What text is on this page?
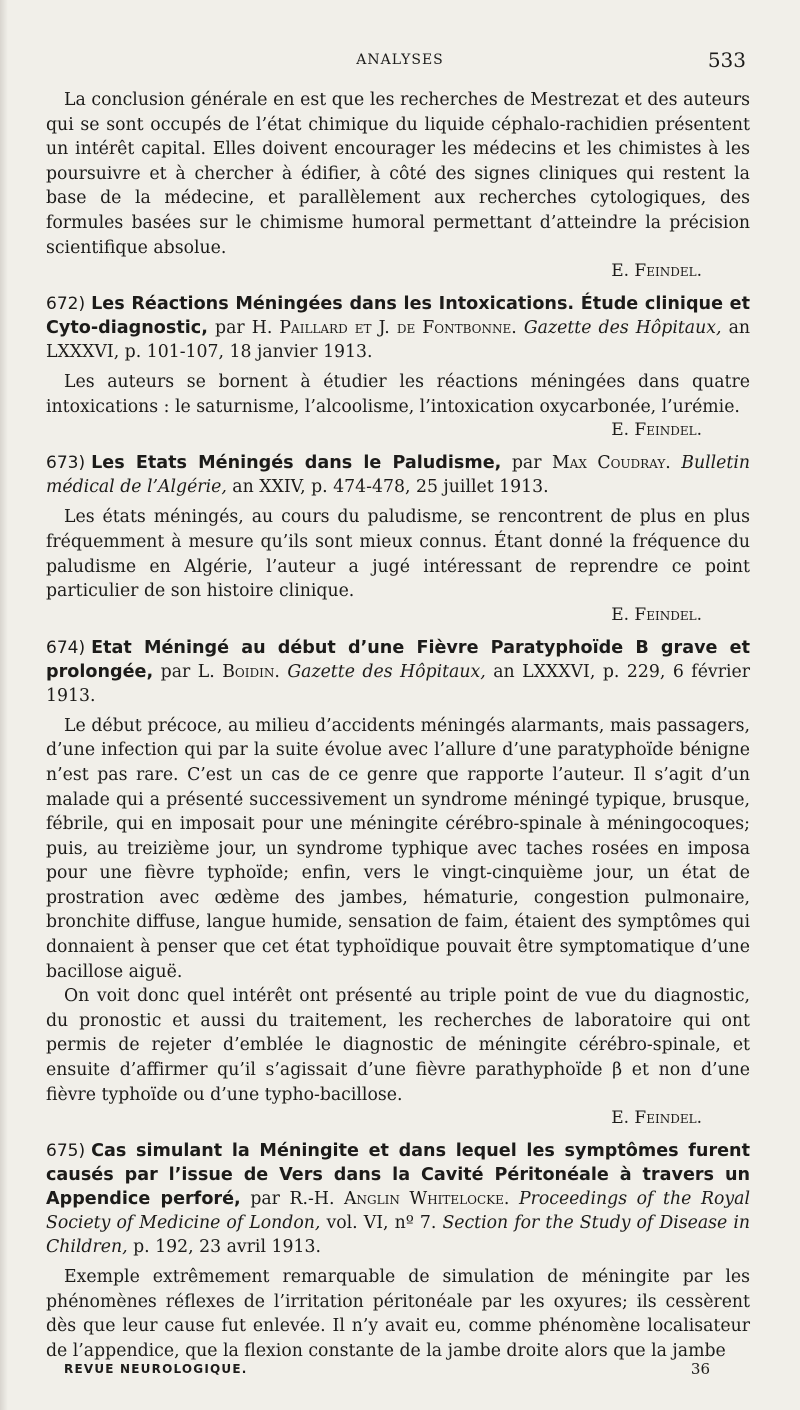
ANALYSES	533

La conclusion générale en est que les recherches de Mestrezat et des auteurs qui se sont occupés de l’état chimique du liquide céphalo-rachidien présentent un intérêt capital. Elles doivent encourager les médecins et les chimistes à les poursuivre et à chercher à édifier, à côté des signes cliniques qui restent la base de la médecine, et parallèlement aux recherches cytologiques, des formules basées sur le chimisme humoral permettant d’atteindre la précision scientifique absolue.

E. Feindel.

672) Les Réactions Méningées dans les Intoxications. Étude clinique et Cyto-diagnostic, par H. Paillard et J. de Fontbonne. Gazette des Hôpitaux, an LXXXVI, p. 101-107, 18 janvier 1913.

Les auteurs se bornent à étudier les réactions méningées dans quatre intoxications : le saturnisme, l’alcoolisme, l’intoxication oxycarbonée, l’urémie.

E. Feindel.

673) Les Etats Méningés dans le Paludisme, par Max Coudray. Bulletin médical de l’Algérie, an XXIV, p. 474-478, 25 juillet 1913.

Les états méningés, au cours du paludisme, se rencontrent de plus en plus fréquemment à mesure qu’ils sont mieux connus. Étant donné la fréquence du paludisme en Algérie, l’auteur a jugé intéressant de reprendre ce point particulier de son histoire clinique.

E. Feindel.

674) Etat Méningé au début d’une Fièvre Paratyphoïde B grave et prolongée, par L. Boidin. Gazette des Hôpitaux, an LXXXVI, p. 229, 6 février 1913.

Le début précoce, au milieu d’accidents méningés alarmants, mais passagers, d’une infection qui par la suite évolue avec l’allure d’une paratyphoïde bénigne n’est pas rare. C’est un cas de ce genre que rapporte l’auteur. Il s’agit d’un malade qui a présenté successivement un syndrome méningé typique, brusque, fébrile, qui en imposait pour une méningite cérébro-spinale à méningocoques; puis, au treizième jour, un syndrome typhique avec taches rosées en imposa pour une fièvre typhoïde; enfin, vers le vingt-cinquième jour, un état de prostration avec œdème des jambes, hématurie, congestion pulmonaire, bronchite diffuse, langue humide, sensation de faim, étaient des symptômes qui donnaient à penser que cet état typhoïdique pouvait être symptomatique d’une bacillose aiguë.

On voit donc quel intérêt ont présenté au triple point de vue du diagnostic, du pronostic et aussi du traitement, les recherches de laboratoire qui ont permis de rejeter d’emblée le diagnostic de méningite cérébro-spinale, et ensuite d’affirmer qu’il s’agissait d’une fièvre parathyphoïde β et non d’une fièvre typhoïde ou d’une typho-bacillose.

E. Feindel.

675) Cas simulant la Méningite et dans lequel les symptômes furent causés par l’issue de Vers dans la Cavité Péritonéale à travers un Appendice perforé, par R.-H. Anglin Whitelocke. Proceedings of the Royal Society of Medicine of London, vol. VI, nº 7. Section for the Study of Disease in Children, p. 192, 23 avril 1913.

Exemple extrêmement remarquable de simulation de méningite par les phénomènes réflexes de l’irritation péritonéale par les oxyures; ils cessèrent dès que leur cause fut enlevée. Il n’y avait eu, comme phénomène localisateur de l’appendice, que la flexion constante de la jambe droite alors que la jambe

REVUE NEUROLOGIQUE.	36
